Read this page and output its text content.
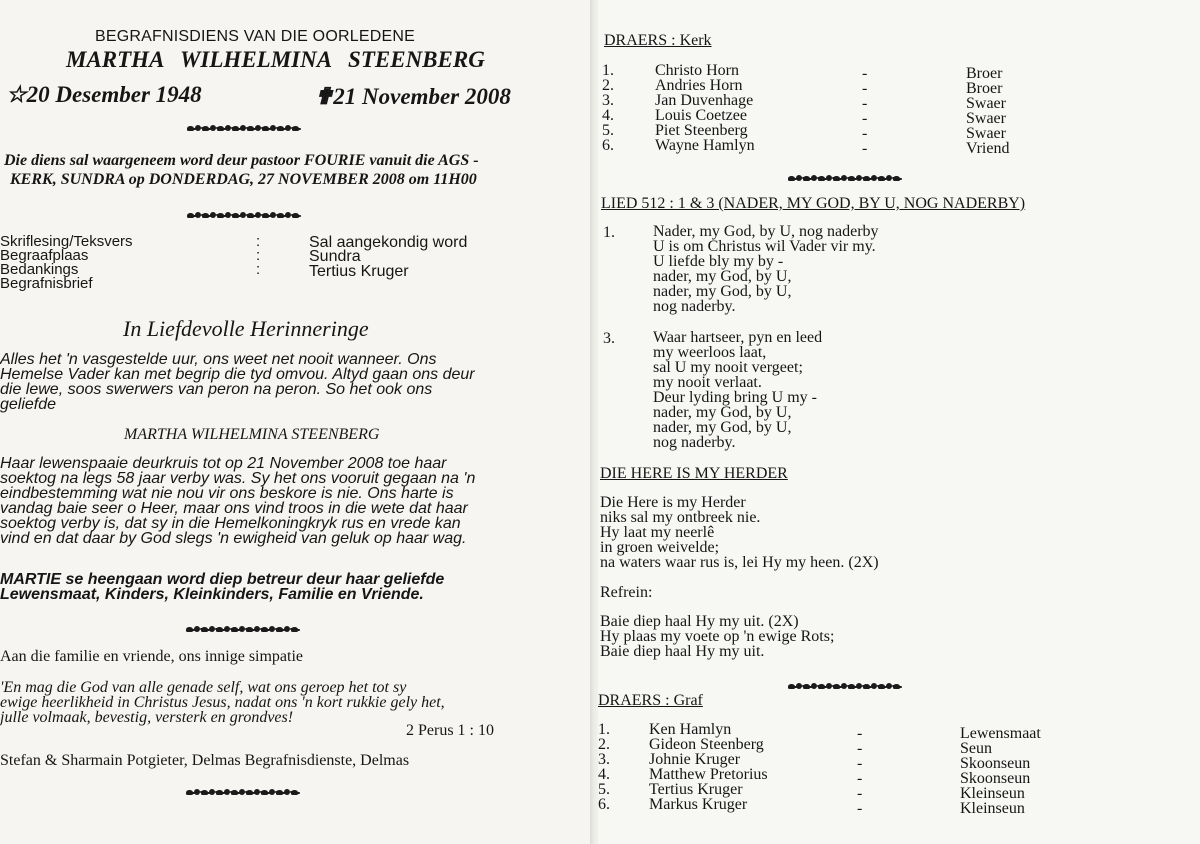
BEGRAFNISDIENS VAN DIE OORLEDENE
MARTHA   WILHELMINA   STEENBERG
☆20 Desember 1948	✟21 November 2008
Die diens sal waargeneem word deur pastoor FOURIE vanuit die AGS -
KERK, SUNDRA op DONDERDAG, 27 NOVEMBER 2008 om 11H00
Skriflesing/Teksvers
Begraafplaas
Bedankings
Begrafnisbrief
:
:
:
Sal aangekondig word
Sundra
Tertius Kruger
In Liefdevolle Herinneringe
Alles het 'n vasgestelde uur, ons weet net nooit wanneer. Ons
Hemelse Vader kan met begrip die tyd omvou. Altyd gaan ons deur
die lewe, soos swerwers van peron na peron. So het ook ons
geliefde
MARTHA WILHELMINA STEENBERG
Haar lewenspaaie deurkruis tot op 21 November 2008 toe haar
soektog na legs 58 jaar verby was. Sy het ons vooruit gegaan na 'n
eindbestemming wat nie nou vir ons beskore is nie. Ons harte is
vandag baie seer o Heer, maar ons vind troos in die wete dat haar
soektog verby is, dat sy in die Hemelkoningkryk rus en vrede kan
vind en dat daar by God slegs 'n ewigheid van geluk op haar wag.
MARTIE se heengaan word diep betreur deur haar geliefde
Lewensmaat, Kinders, Kleinkinders, Familie en Vriende.
Aan die familie en vriende, ons innige simpatie
'En mag die God van alle genade self, wat ons geroep het tot sy
ewige heerlikheid in Christus Jesus, nadat ons 'n kort rukkie gely het,
julle volmaak, bevestig, versterk en grondves!
2 Perus 1 : 10
Stefan & Sharmain Potgieter, Delmas Begrafnisdienste, Delmas
DRAERS : Kerk
1.
2.
3.
4.
5.
6.
Christo Horn
Andries Horn
Jan Duvenhage
Louis Coetzee
Piet Steenberg
Wayne Hamlyn
-
-
-
-
-
-
Broer
Broer
Swaer
Swaer
Swaer
Vriend
LIED 512 : 1 & 3 (NADER, MY GOD, BY U, NOG NADERBY)
1. Nader, my God, by U, nog naderby
U is om Christus wil Vader vir my.
U liefde bly my by -
nader, my God, by U,
nader, my God, by U,
nog naderby.
3. Waar hartseer, pyn en leed
my weerloos laat,
sal U my nooit vergeet;
my nooit verlaat.
Deur lyding bring U my -
nader, my God, by U,
nader, my God, by U,
nog naderby.
DIE HERE IS MY HERDER
Die Here is my Herder
niks sal my ontbreek nie.
Hy laat my neerlê
in groen weivelde;
na waters waar rus is, lei Hy my heen. (2X)
Refrein:
Baie diep haal Hy my uit. (2X)
Hy plaas my voete op 'n ewige Rots;
Baie diep haal Hy my uit.
DRAERS : Graf
1.
2.
3.
4.
5.
6.
Ken Hamlyn
Gideon Steenberg
Johnie Kruger
Matthew Pretorius
Tertius Kruger
Markus Kruger
-
-
-
-
-
-
Lewensmaat
Seun
Skoonseun
Skoonseun
Kleinseun
Kleinseun
